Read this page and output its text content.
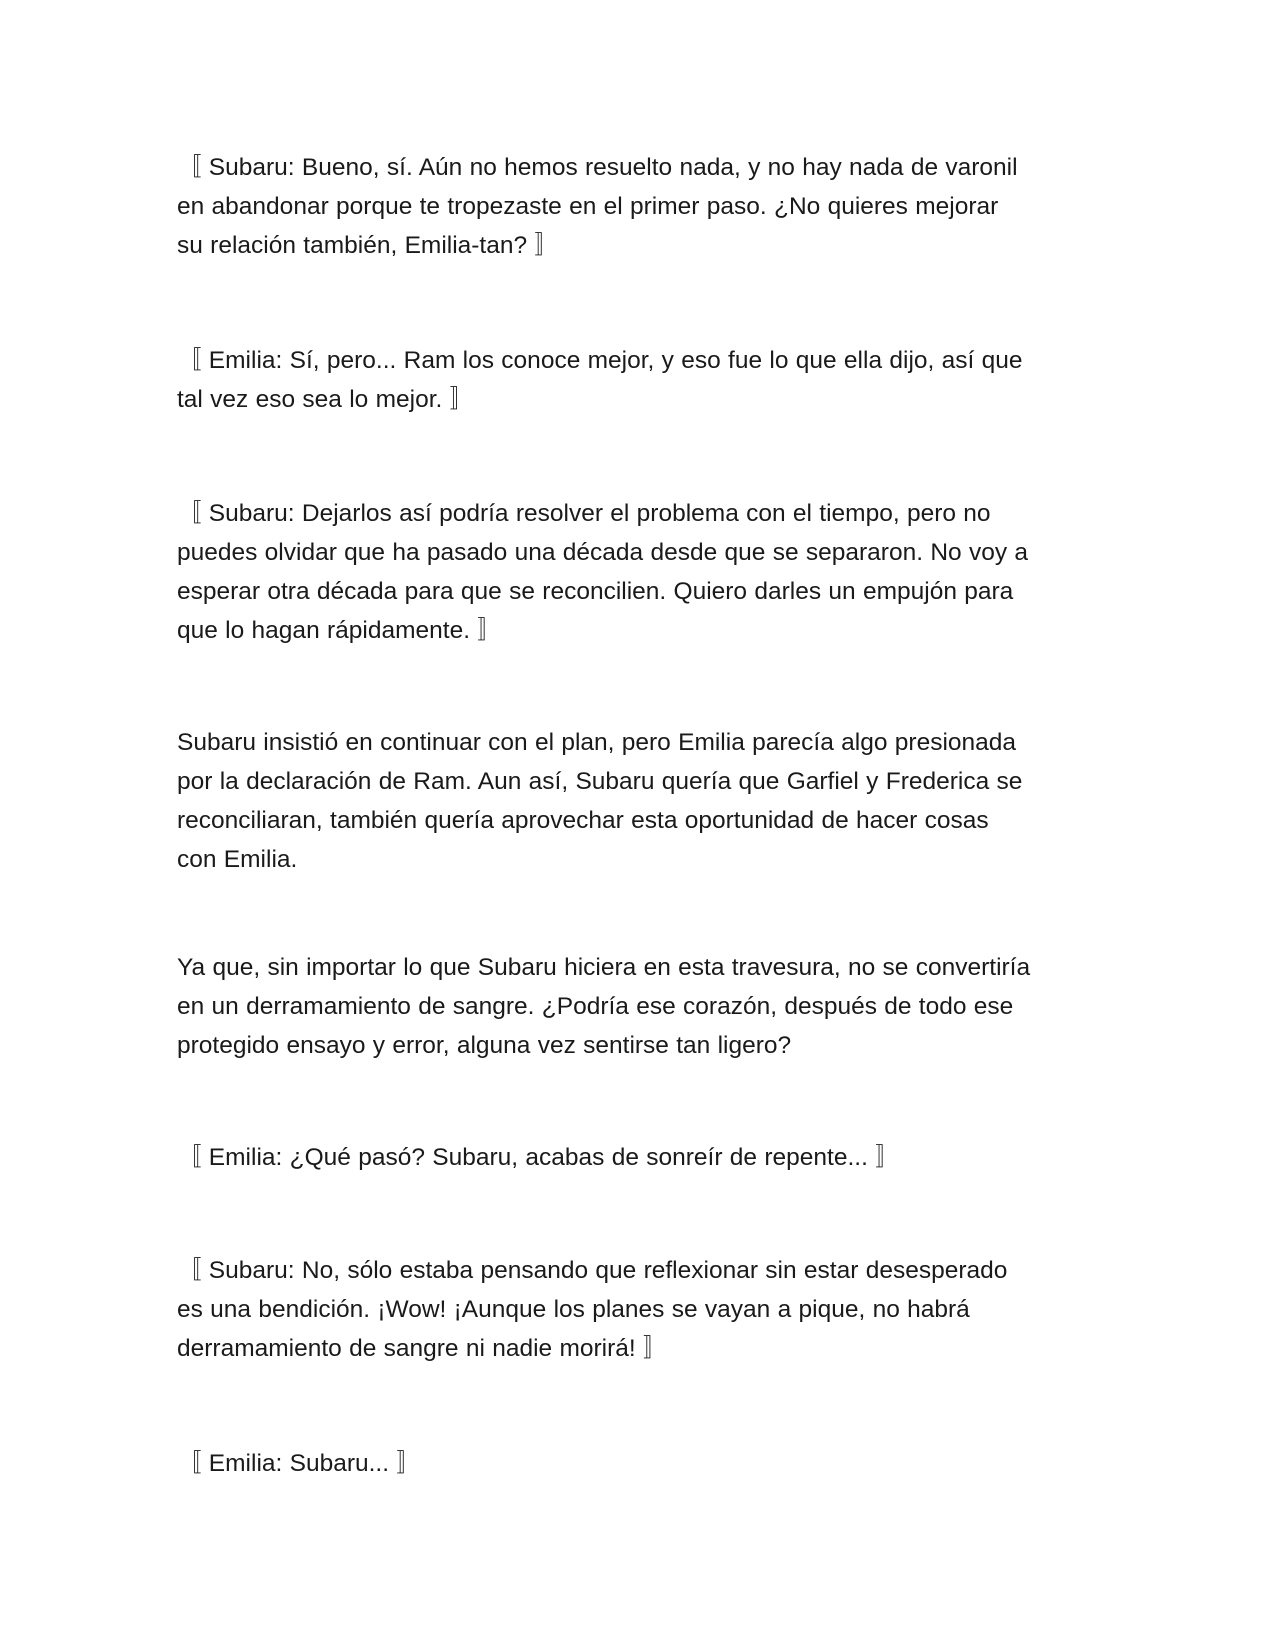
〚 Subaru: Bueno, sí. Aún no hemos resuelto nada, y no hay nada de varonil
en abandonar porque te tropezaste en el primer paso. ¿No quieres mejorar
su relación también, Emilia-tan? 〛

〚 Emilia: Sí, pero... Ram los conoce mejor, y eso fue lo que ella dijo, así que
tal vez eso sea lo mejor. 〛

〚 Subaru: Dejarlos así podría resolver el problema con el tiempo, pero no
puedes olvidar que ha pasado una década desde que se separaron. No voy a
esperar otra década para que se reconcilien. Quiero darles un empujón para
que lo hagan rápidamente. 〛

Subaru insistió en continuar con el plan, pero Emilia parecía algo presionada
por la declaración de Ram. Aun así, Subaru quería que Garfiel y Frederica se
reconciliaran, también quería aprovechar esta oportunidad de hacer cosas
con Emilia.

Ya que, sin importar lo que Subaru hiciera en esta travesura, no se convertiría
en un derramamiento de sangre. ¿Podría ese corazón, después de todo ese
protegido ensayo y error, alguna vez sentirse tan ligero?

〚 Emilia: ¿Qué pasó? Subaru, acabas de sonreír de repente... 〛

〚 Subaru: No, sólo estaba pensando que reflexionar sin estar desesperado
es una bendición. ¡Wow! ¡Aunque los planes se vayan a pique, no habrá
derramamiento de sangre ni nadie morirá! 〛

〚 Emilia: Subaru... 〛
